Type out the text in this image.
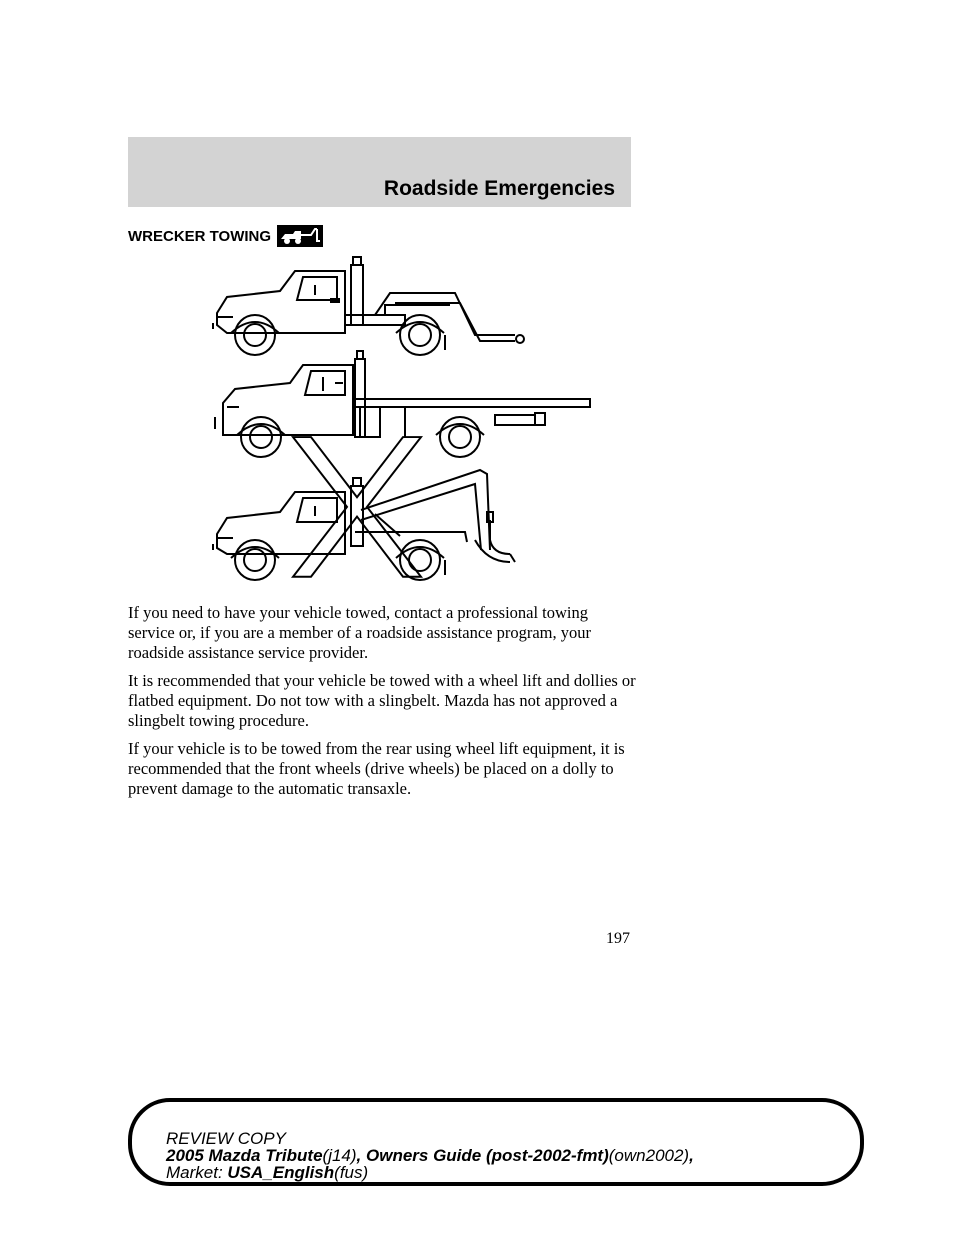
Roadside Emergencies
WRECKER TOWING

If you need to have your vehicle towed, contact a professional towing service or, if you are a member of a roadside assistance program, your roadside assistance service provider.

It is recommended that your vehicle be towed with a wheel lift and dollies or flatbed equipment. Do not tow with a slingbelt. Mazda has not approved a slingbelt towing procedure.

If your vehicle is to be towed from the rear using wheel lift equipment, it is recommended that the front wheels (drive wheels) be placed on a dolly to prevent damage to the automatic transaxle.

197
REVIEW COPY
2005 Mazda Tribute(j14), Owners Guide (post-2002-fmt)(own2002),
Market: USA_English(fus)
